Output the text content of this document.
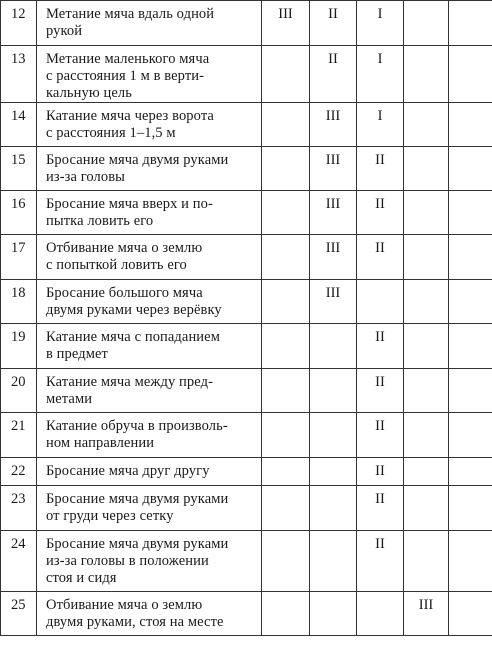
12	Метание мяча вдаль одной
рукой	III	II	I		
13	Метание маленького мяча
с расстояния 1 м в верти-
кальную цель		II	I		
14	Катание мяча через ворота
с расстояния 1–1,5 м		III	I		
15	Бросание мяча двумя руками
из-за головы		III	II		
16	Бросание мяча вверх и по-
пытка ловить его		III	II		
17	Отбивание мяча о землю
с попыткой ловить его		III	II		
18	Бросание большого мяча
двумя руками через верёвку		III			
19	Катание мяча с попаданием
в предмет			II		
20	Катание мяча между пред-
метами			II		
21	Катание обруча в произволь-
ном направлении			II		
22	Бросание мяча друг другу			II		
23	Бросание мяча двумя руками
от груди через сетку			II		
24	Бросание мяча двумя руками
из-за головы в положении
стоя и сидя			II		
25	Отбивание мяча о землю
двумя руками, стоя на месте				III	
